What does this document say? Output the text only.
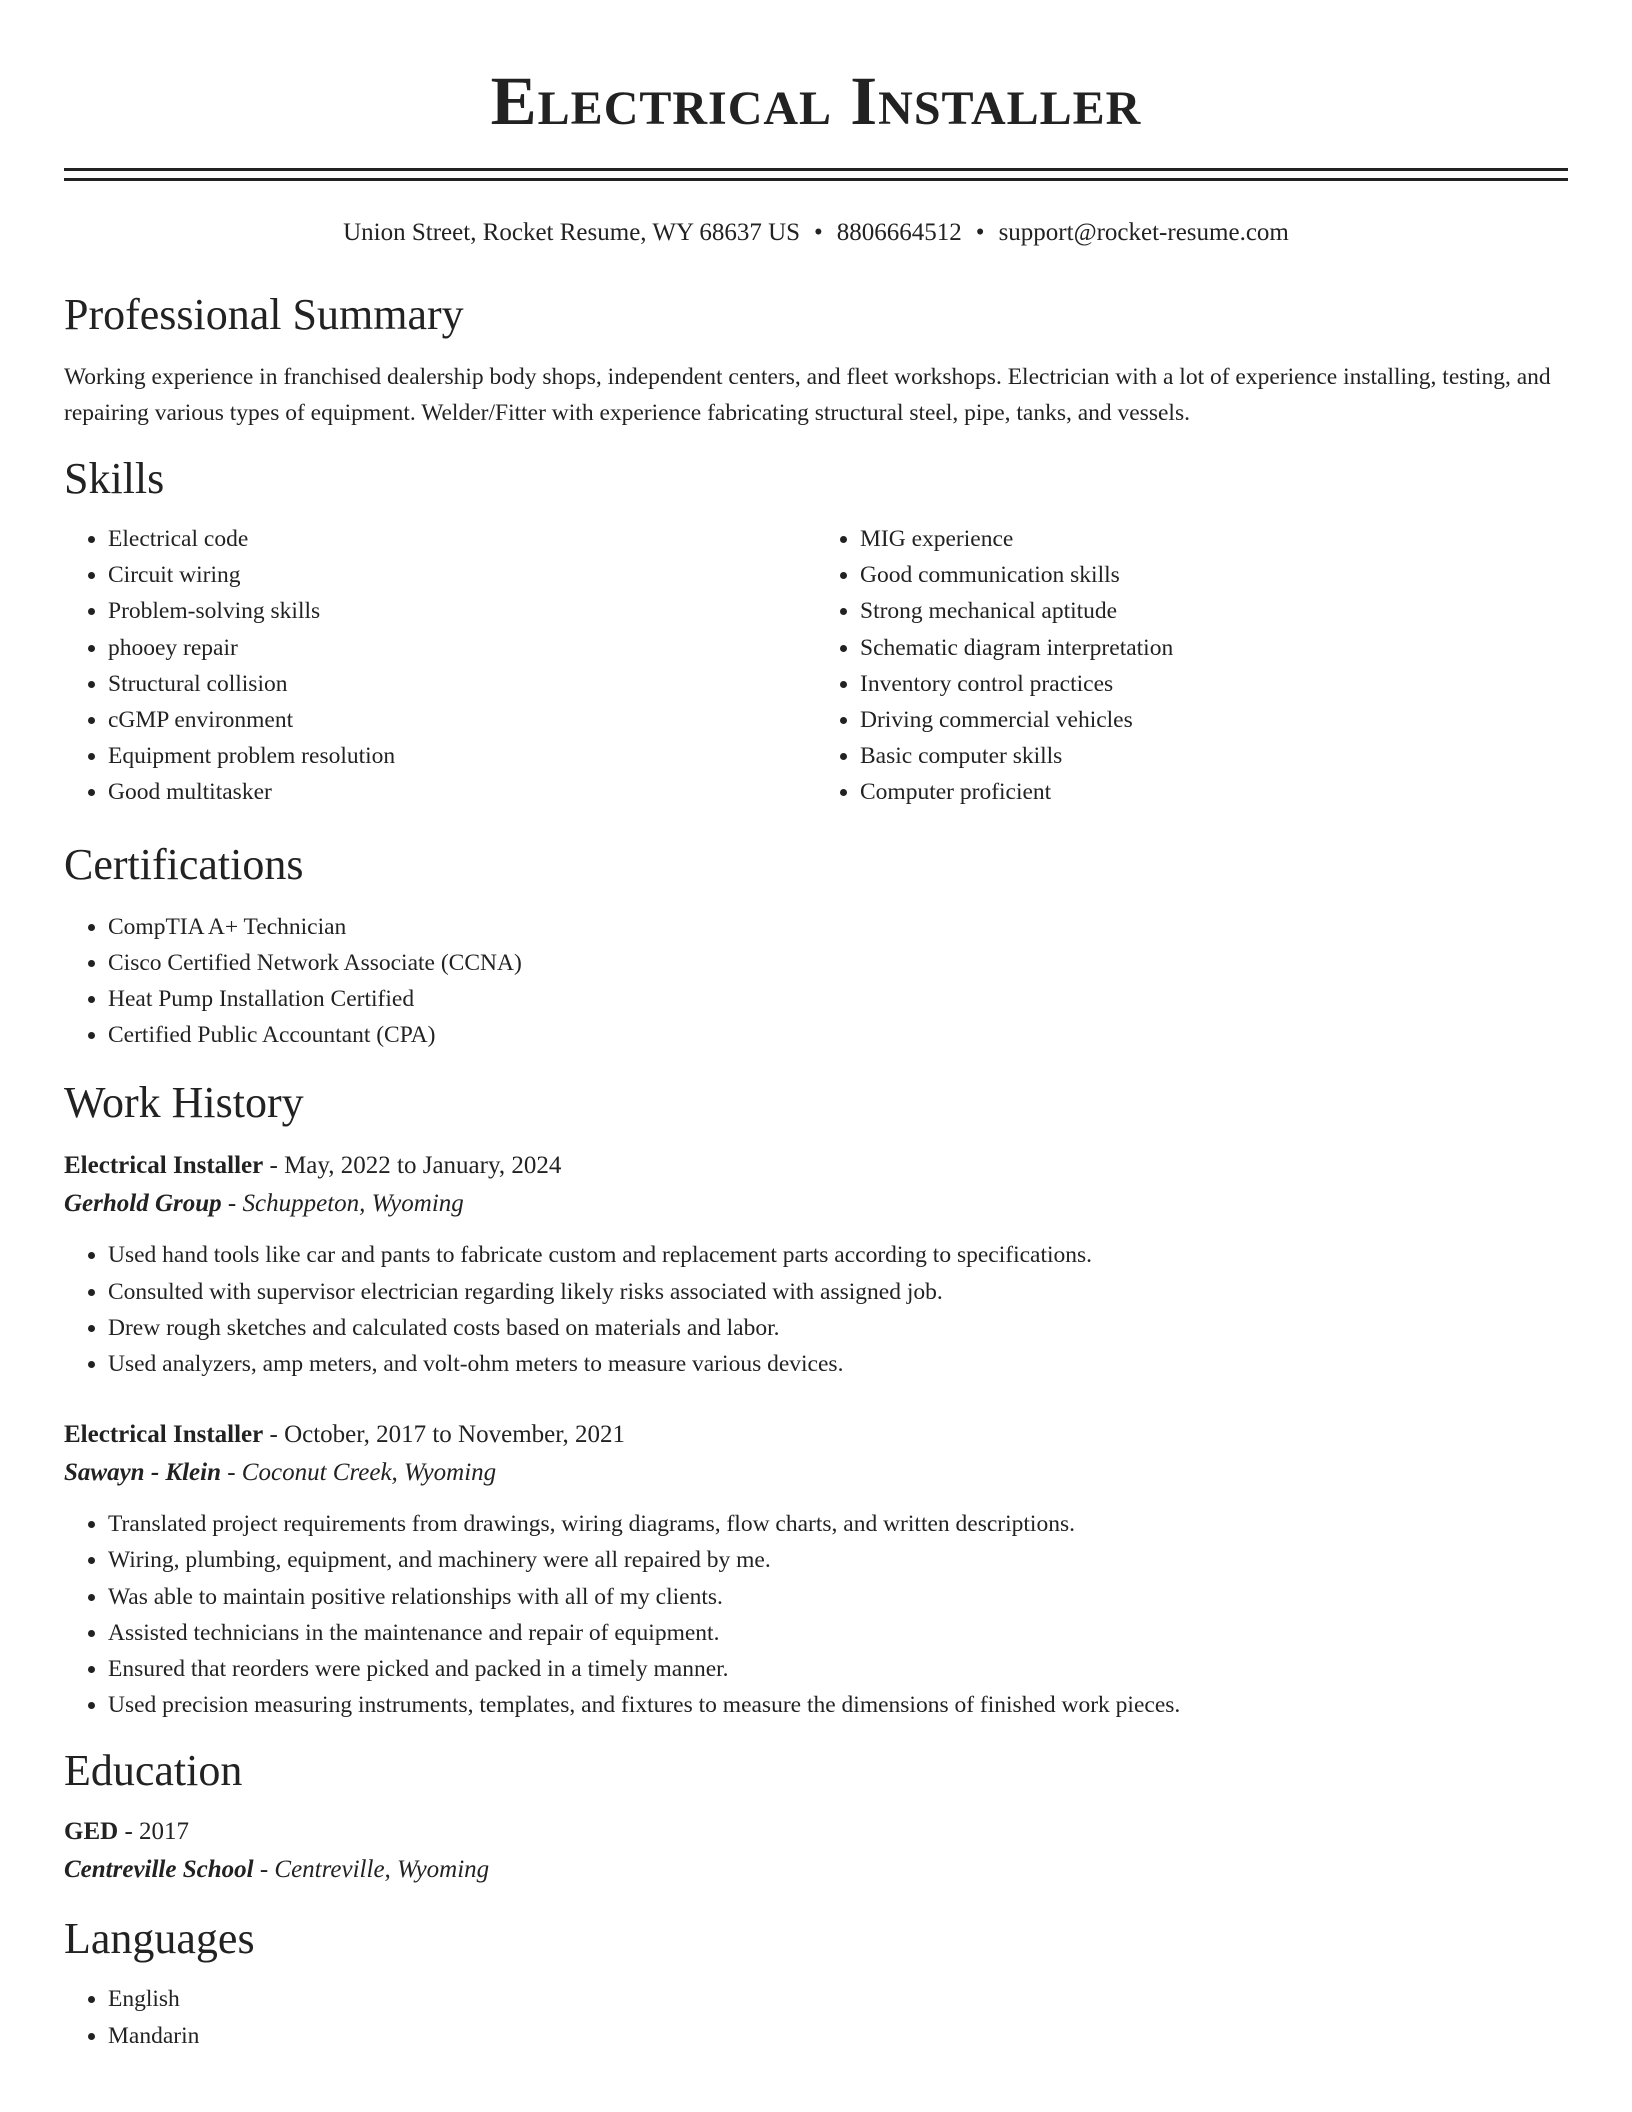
Electrical Installer
Union Street, Rocket Resume, WY 68637 US • 8806664512 • support@rocket-resume.com
Professional Summary
Working experience in franchised dealership body shops, independent centers, and fleet workshops. Electrician with a lot of experience installing, testing, and repairing various types of equipment. Welder/Fitter with experience fabricating structural steel, pipe, tanks, and vessels.
Skills
• Electrical code
• Circuit wiring
• Problem-solving skills
• phooey repair
• Structural collision
• cGMP environment
• Equipment problem resolution
• Good multitasker
• MIG experience
• Good communication skills
• Strong mechanical aptitude
• Schematic diagram interpretation
• Inventory control practices
• Driving commercial vehicles
• Basic computer skills
• Computer proficient
Certifications
• CompTIA A+ Technician
• Cisco Certified Network Associate (CCNA)
• Heat Pump Installation Certified
• Certified Public Accountant (CPA)
Work History
Electrical Installer - May, 2022 to January, 2024
Gerhold Group - Schuppeton, Wyoming
• Used hand tools like car and pants to fabricate custom and replacement parts according to specifications.
• Consulted with supervisor electrician regarding likely risks associated with assigned job.
• Drew rough sketches and calculated costs based on materials and labor.
• Used analyzers, amp meters, and volt-ohm meters to measure various devices.
Electrical Installer - October, 2017 to November, 2021
Sawayn - Klein - Coconut Creek, Wyoming
• Translated project requirements from drawings, wiring diagrams, flow charts, and written descriptions.
• Wiring, plumbing, equipment, and machinery were all repaired by me.
• Was able to maintain positive relationships with all of my clients.
• Assisted technicians in the maintenance and repair of equipment.
• Ensured that reorders were picked and packed in a timely manner.
• Used precision measuring instruments, templates, and fixtures to measure the dimensions of finished work pieces.
Education
GED - 2017
Centreville School - Centreville, Wyoming
Languages
• English
• Mandarin
